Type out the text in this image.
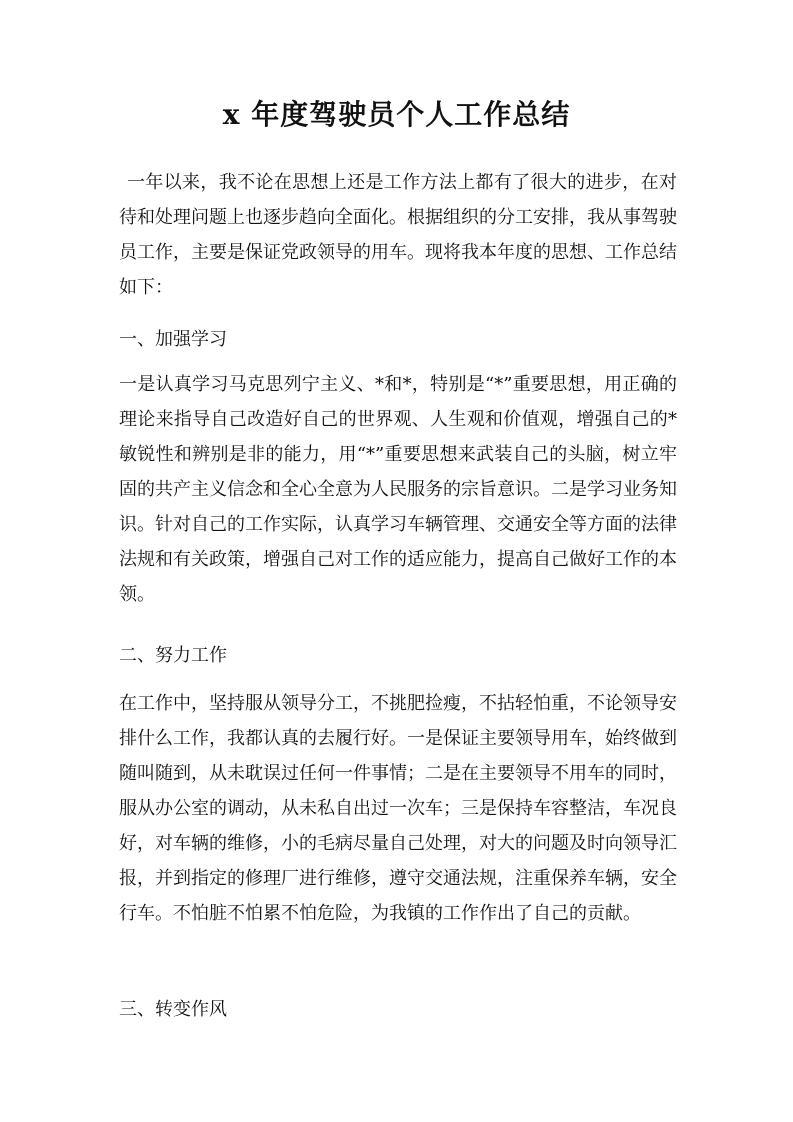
x 年度驾驶员个人工作总结

一年以来，我不论在思想上还是工作方法上都有了很大的进步，在对待和处理问题上也逐步趋向全面化。根据组织的分工安排，我从事驾驶员工作，主要是保证党政领导的用车。现将我本年度的思想、工作总结如下：

一、加强学习

一是认真学习马克思列宁主义、*和*，特别是“*”重要思想，用正确的理论来指导自己改造好自己的世界观、人生观和价值观，增强自己的*敏锐性和辨别是非的能力，用“*”重要思想来武装自己的头脑，树立牢固的共产主义信念和全心全意为人民服务的宗旨意识。二是学习业务知识。针对自己的工作实际，认真学习车辆管理、交通安全等方面的法律法规和有关政策，增强自己对工作的适应能力，提高自己做好工作的本领。

二、努力工作

在工作中，坚持服从领导分工，不挑肥捡瘦，不拈轻怕重，不论领导安排什么工作，我都认真的去履行好。一是保证主要领导用车，始终做到随叫随到，从未耽误过任何一件事情；二是在主要领导不用车的同时，服从办公室的调动，从未私自出过一次车；三是保持车容整洁，车况良好，对车辆的维修，小的毛病尽量自己处理，对大的问题及时向领导汇报，并到指定的修理厂进行维修，遵守交通法规，注重保养车辆，安全行车。不怕脏不怕累不怕危险，为我镇的工作作出了自己的贡献。

三、转变作风
